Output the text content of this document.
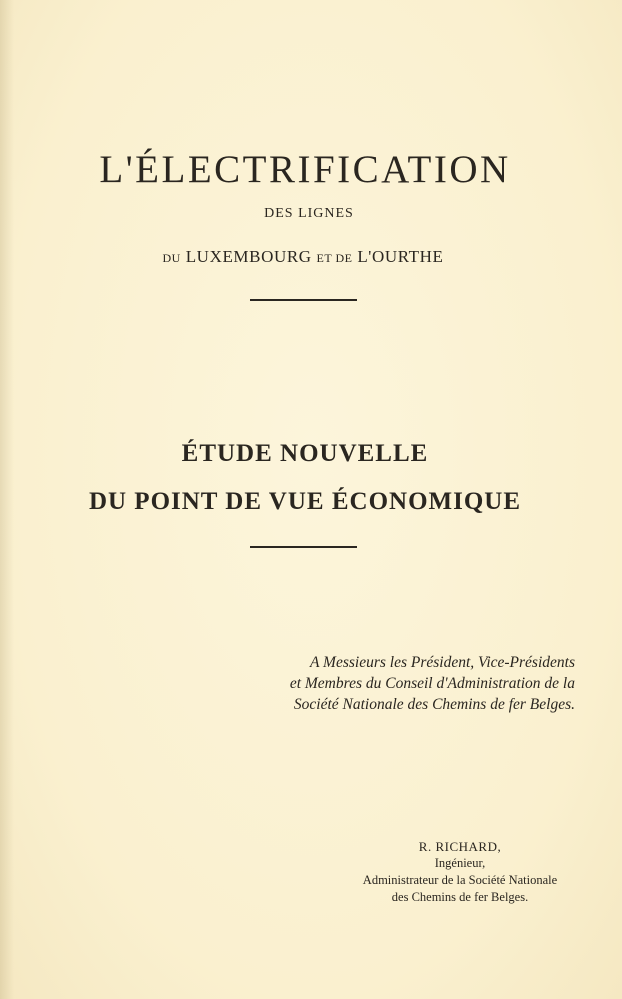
L'ÉLECTRIFICATION
DES LIGNES
DU LUXEMBOURG ET DE L'OURTHE
ÉTUDE NOUVELLE
DU POINT DE VUE ÉCONOMIQUE
A Messieurs les Président, Vice-Présidents
et Membres du Conseil d'Administration de la
Société Nationale des Chemins de fer Belges.
R. RICHARD,
Ingénieur,
Administrateur de la Société Nationale
des Chemins de fer Belges.
